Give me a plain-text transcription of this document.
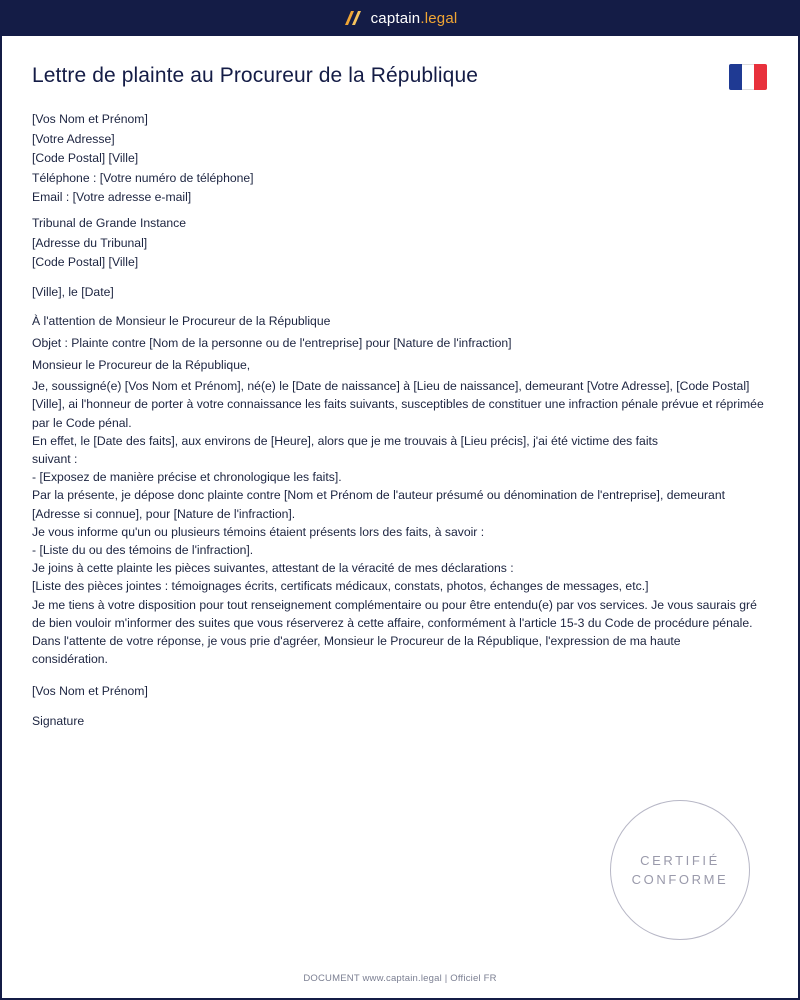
captain.legal
Lettre de plainte au Procureur de la République
[Vos Nom et Prénom]
[Votre Adresse]
[Code Postal] [Ville]
Téléphone : [Votre numéro de téléphone]
Email : [Votre adresse e-mail]
Tribunal de Grande Instance
[Adresse du Tribunal]
[Code Postal] [Ville]
[Ville], le [Date]
À l'attention de Monsieur le Procureur de la République
Objet : Plainte contre [Nom de la personne ou de l'entreprise] pour [Nature de l'infraction]
Monsieur le Procureur de la République,
Je, soussigné(e) [Vos Nom et Prénom], né(e) le [Date de naissance] à [Lieu de naissance], demeurant [Votre Adresse], [Code Postal] [Ville], ai l'honneur de porter à votre connaissance les faits suivants, susceptibles de constituer une infraction pénale prévue et réprimée par le Code pénal.
En effet, le [Date des faits], aux environs de [Heure], alors que je me trouvais à [Lieu précis], j'ai été victime des faits suivant :
- [Exposez de manière précise et chronologique les faits].
Par la présente, je dépose donc plainte contre [Nom et Prénom de l'auteur présumé ou dénomination de l'entreprise], demeurant [Adresse si connue], pour [Nature de l'infraction].
Je vous informe qu'un ou plusieurs témoins étaient présents lors des faits, à savoir :
- [Liste du ou des témoins de l'infraction].
Je joins à cette plainte les pièces suivantes, attestant de la véracité de mes déclarations :
[Liste des pièces jointes : témoignages écrits, certificats médicaux, constats, photos, échanges de messages, etc.]
Je me tiens à votre disposition pour tout renseignement complémentaire ou pour être entendu(e) par vos services. Je vous saurais gré de bien vouloir m'informer des suites que vous réserverez à cette affaire, conformément à l'article 15-3 du Code de procédure pénale.
Dans l'attente de votre réponse, je vous prie d'agréer, Monsieur le Procureur de la République, l'expression de ma haute considération.
[Vos Nom et Prénom]
Signature
CERTIFIÉ
CONFORME
DOCUMENT www.captain.legal | Officiel FR
